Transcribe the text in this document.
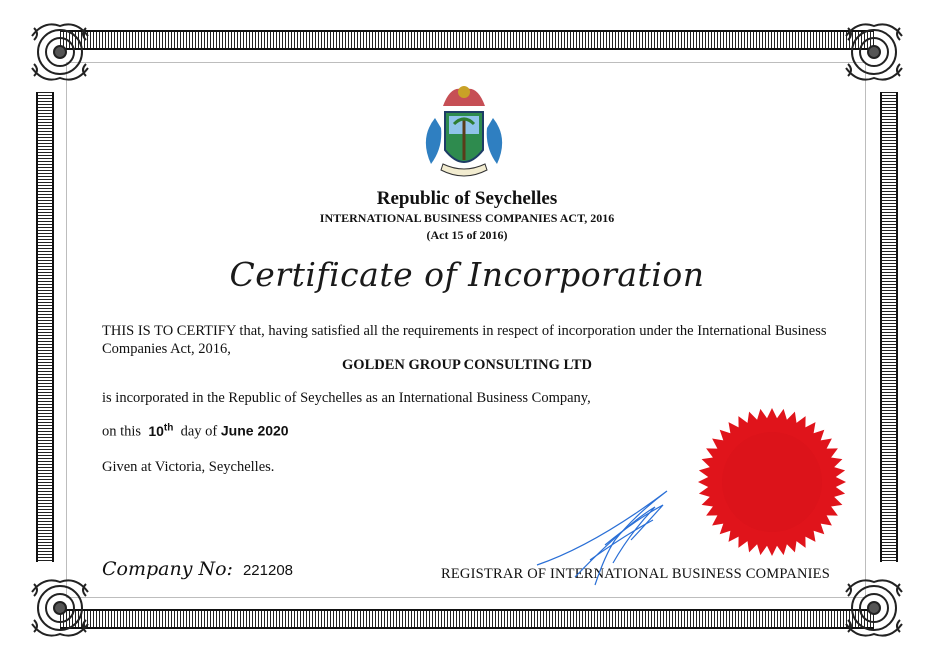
Republic of Seychelles
INTERNATIONAL BUSINESS COMPANIES ACT, 2016
(Act 15 of 2016)
Certificate of Incorporation
THIS IS TO CERTIFY that, having satisfied all the requirements in respect of incorporation under the International Business Companies Act, 2016,
GOLDEN GROUP CONSULTING LTD
is incorporated in the Republic of Seychelles as an International Business Company,
on this 10th day of June 2020
Given at Victoria, Seychelles.
Company No: 221208	REGISTRAR OF INTERNATIONAL BUSINESS COMPANIES
